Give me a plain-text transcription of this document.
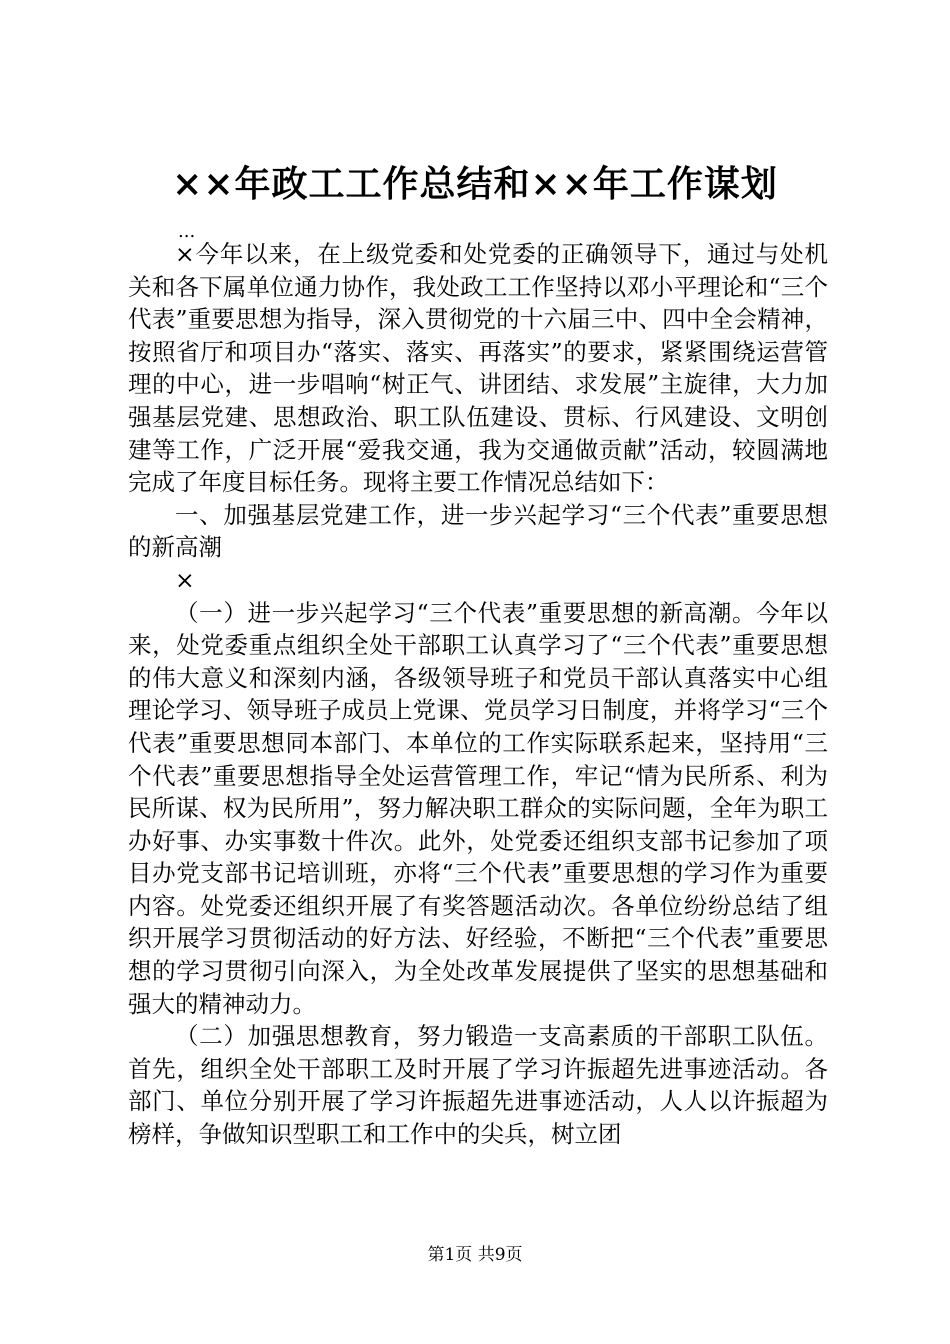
××年政工工作总结和××年工作谋划
...

×今年以来，在上级党委和处党委的正确领导下，通过与处机关和各下属单位通力协作，我处政工工作坚持以邓小平理论和“三个代表”重要思想为指导，深入贯彻党的十六届三中、四中全会精神，按照省厅和项目办“落实、落实、再落实”的要求，紧紧围绕运营管理的中心，进一步唱响“树正气、讲团结、求发展”主旋律，大力加强基层党建、思想政治、职工队伍建设、贯标、行风建设、文明创建等工作，广泛开展“爱我交通，我为交通做贡献”活动，较圆满地完成了年度目标任务。现将主要工作情况总结如下：

一、加强基层党建工作，进一步兴起学习“三个代表”重要思想的新高潮

×

（一）进一步兴起学习“三个代表”重要思想的新高潮。今年以来，处党委重点组织全处干部职工认真学习了“三个代表”重要思想的伟大意义和深刻内涵，各级领导班子和党员干部认真落实中心组理论学习、领导班子成员上党课、党员学习日制度，并将学习“三个代表”重要思想同本部门、本单位的工作实际联系起来，坚持用“三个代表”重要思想指导全处运营管理工作，牢记“情为民所系、利为民所谋、权为民所用”，努力解决职工群众的实际问题，全年为职工办好事、办实事数十件次。此外，处党委还组织支部书记参加了项目办党支部书记培训班，亦将“三个代表”重要思想的学习作为重要内容。处党委还组织开展了有奖答题活动次。各单位纷纷总结了组织开展学习贯彻活动的好方法、好经验，不断把“三个代表”重要思想的学习贯彻引向深入，为全处改革发展提供了坚实的思想基础和强大的精神动力。

（二）加强思想教育，努力锻造一支高素质的干部职工队伍。首先，组织全处干部职工及时开展了学习许振超先进事迹活动。各部门、单位分别开展了学习许振超先进事迹活动，人人以许振超为榜样，争做知识型职工和工作中的尖兵，树立团

第1页 共9页
